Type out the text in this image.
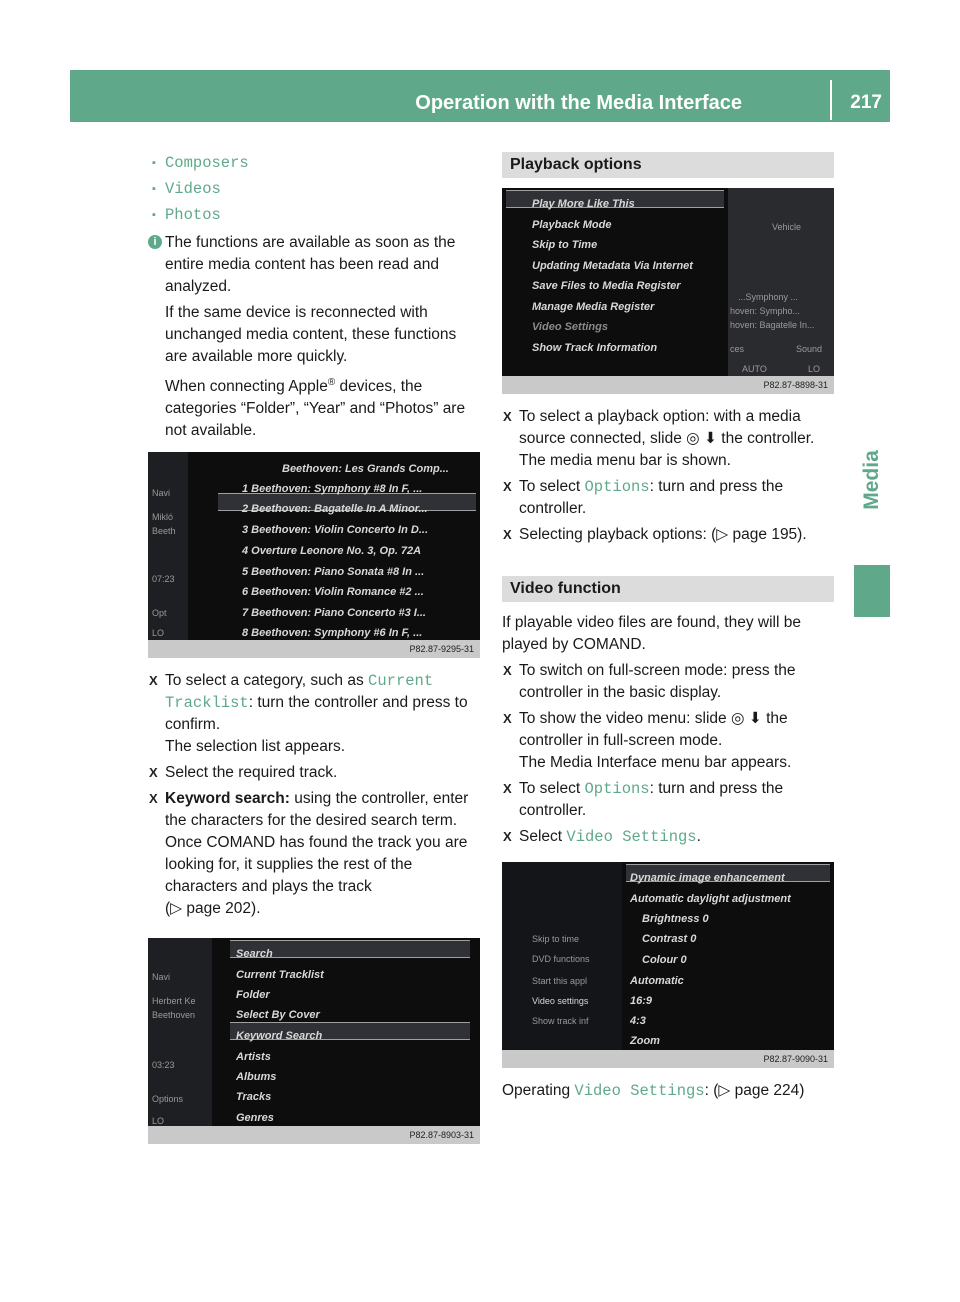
Operation with the Media Interface	217
Media
▪ Composers
▪ Videos
▪ Photos
i The functions are available as soon as the entire media content has been read and analyzed.

If the same device is reconnected with unchanged media content, these functions are available more quickly.

When connecting Apple® devices, the categories “Folder”, “Year” and “Photos” are not available.

Navi
Mikló
Beeth
07:23
Opt
LO
Beethoven: Les Grands Comp...
1 Beethoven: Symphony #8 In F, ...
2 Beethoven: Bagatelle In A Minor...
3 Beethoven: Violin Concerto In D...
4 Overture Leonore No. 3, Op. 72A
5 Beethoven: Piano Sonata #8 In ...
6 Beethoven: Violin Romance #2 ...
7 Beethoven: Piano Concerto #3 I...
8 Beethoven: Symphony #6 In F, ...
P82.87-9295-31
X To select a category, such as Current Tracklist: turn the controller and press to confirm.
The selection list appears.
X Select the required track.
X Keyword search: using the controller, enter the characters for the desired search term. Once COMAND has found the track you are looking for, it supplies the rest of the characters and plays the track
(▷ page 202).
Navi
Herbert Ke
Beethoven
03:23
Options
LO
Search
Current Tracklist
Folder
Select By Cover
Keyword Search
Artists
Albums
Tracks
Genres
P82.87-8903-31
Playback options
Play More Like This
Playback Mode
Skip to Time
Updating Metadata Via Internet
Save Files to Media Register
Manage Media Register
Video Settings
Show Track Information
Vehicle
...Symphony ...
hoven: Sympho...
hoven: Bagatelle In...
ces	Sound
AUTO	LO
P82.87-8898-31
X To select a playback option: with a media source connected, slide ◎ ⬇ the controller.
The media menu bar is shown.
X To select Options: turn and press the controller.
X Selecting playback options: (▷ page 195).
Video function

If playable video files are found, they will be played by COMAND.

X To switch on full-screen mode: press the controller in the basic display.
X To show the video menu: slide ◎ ⬇ the controller in full-screen mode.
The Media Interface menu bar appears.
X To select Options: turn and press the controller.
X Select Video Settings.
Skip to time
DVD functions
Start this appl
Video settings
Show track inf
Dynamic image enhancement
Automatic daylight adjustment
Brightness 0
Contrast 0
Colour 0
Automatic
16:9
4:3
Zoom
P82.87-9090-31

Operating Video Settings: (▷ page 224)
